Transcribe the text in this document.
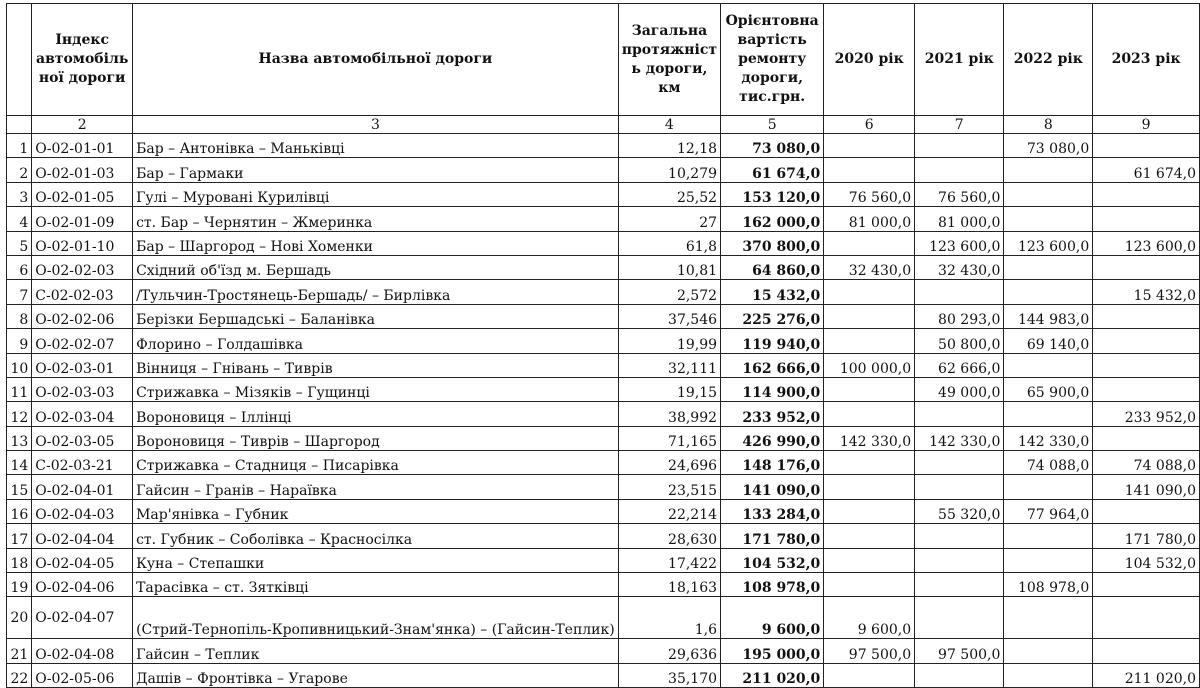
	Індекс автомобіль ної дороги	Назва автомобільної дороги	Загальна протяжніст ь дороги, км	Орієнтовна вартість ремонту дороги, тис.грн.	2020 рік	2021 рік	2022 рік	2023 рік
	2	3	4	5	6	7	8	9
1	О-02-01-01	Бар – Антонівка – Маньківці	12,18	73 080,0			73 080,0	
2	О-02-01-03	Бар – Гармаки	10,279	61 674,0				61 674,0
3	О-02-01-05	Гулі – Муровані Курилівці	25,52	153 120,0	76 560,0	76 560,0		
4	О-02-01-09	ст. Бар – Чернятин – Жмеринка	27	162 000,0	81 000,0	81 000,0		
5	О-02-01-10	Бар – Шаргород – Нові Хоменки	61,8	370 800,0		123 600,0	123 600,0	123 600,0
6	О-02-02-03	Східний об'їзд м. Бершадь	10,81	64 860,0	32 430,0	32 430,0		
7	С-02-02-03	/Тульчин-Тростянець-Бершадь/ – Бирлівка	2,572	15 432,0				15 432,0
8	О-02-02-06	Берізки Бершадські – Баланівка	37,546	225 276,0		80 293,0	144 983,0	
9	О-02-02-07	Флорино – Голдашівка	19,99	119 940,0		50 800,0	69 140,0	
10	О-02-03-01	Вінниця – Гнівань – Тиврів	32,111	162 666,0	100 000,0	62 666,0		
11	О-02-03-03	Стрижавка – Мізяків – Гущинці	19,15	114 900,0		49 000,0	65 900,0	
12	О-02-03-04	Вороновиця – Іллінці	38,992	233 952,0				233 952,0
13	О-02-03-05	Вороновиця – Тиврів – Шаргород	71,165	426 990,0	142 330,0	142 330,0	142 330,0	
14	С-02-03-21	Стрижавка – Стадниця – Писарівка	24,696	148 176,0			74 088,0	74 088,0
15	О-02-04-01	Гайсин – Гранів – Нараївка	23,515	141 090,0				141 090,0
16	О-02-04-03	Мар'янівка – Губник	22,214	133 284,0		55 320,0	77 964,0	
17	О-02-04-04	ст. Губник – Соболівка – Красносілка	28,630	171 780,0				171 780,0
18	О-02-04-05	Куна – Степашки	17,422	104 532,0				104 532,0
19	О-02-04-06	Тарасівка – ст. Зятківці	18,163	108 978,0			108 978,0	
20	О-02-04-07	(Стрий-Тернопіль-Кропивницький-Знам'янка) – (Гайсин-Теплик)	1,6	9 600,0	9 600,0			
21	О-02-04-08	Гайсин – Теплик	29,636	195 000,0	97 500,0	97 500,0		
22	О-02-05-06	Дашів – Фронтівка – Угарове	35,170	211 020,0				211 020,0
